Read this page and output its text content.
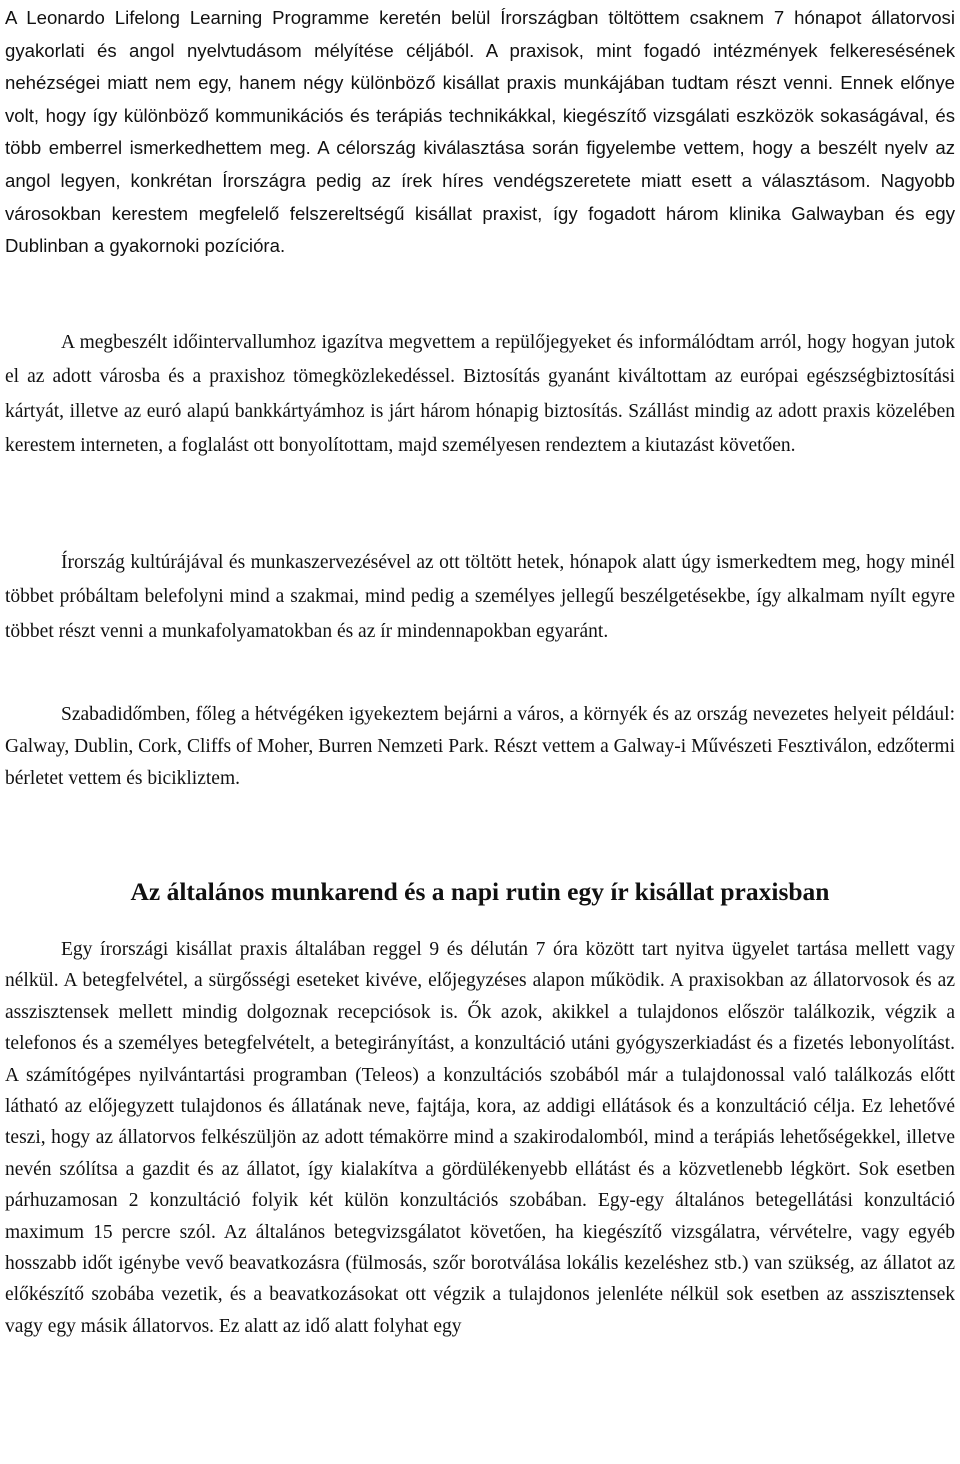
A Leonardo Lifelong Learning Programme keretén belül Írországban töltöttem csaknem 7 hónapot állatorvosi gyakorlati és angol nyelvtudásom mélyítése céljából. A praxisok, mint fogadó intézmények felkeresésének nehézségei miatt nem egy, hanem négy különböző kisállat praxis munkájában tudtam részt venni. Ennek előnye volt, hogy így különböző kommunikációs és terápiás technikákkal, kiegészítő vizsgálati eszközök sokaságával, és több emberrel ismerkedhettem meg. A célország kiválasztása során figyelembe vettem, hogy a beszélt nyelv az angol legyen, konkrétan Írországra pedig az írek híres vendégszeretete miatt esett a választásom. Nagyobb városokban kerestem megfelelő felszereltségű kisállat praxist, így fogadott három klinika Galwayban és egy Dublinban a gyakornoki pozícióra.

A megbeszélt időintervallumhoz igazítva megvettem a repülőjegyeket és informálódtam arról, hogy hogyan jutok el az adott városba és a praxishoz tömegközlekedéssel. Biztosítás gyanánt kiváltottam az európai egészségbiztosítási kártyát, illetve az euró alapú bankkártyámhoz is járt három hónapig biztosítás. Szállást mindig az adott praxis közelében kerestem interneten, a foglalást ott bonyolítottam, majd személyesen rendeztem a kiutazást követően.

Írország kultúrájával és munkaszervezésével az ott töltött hetek, hónapok alatt úgy ismerkedtem meg, hogy minél többet próbáltam belefolyni mind a szakmai, mind pedig a személyes jellegű beszélgetésekbe, így alkalmam nyílt egyre többet részt venni a munkafolyamatokban és az ír mindennapokban egyaránt.

Szabadidőmben, főleg a hétvégéken igyekeztem bejárni a város, a környék és az ország nevezetes helyeit például: Galway, Dublin, Cork, Cliffs of Moher, Burren Nemzeti Park. Részt vettem a Galway-i Művészeti Fesztiválon, edzőtermi bérletet vettem és bicikliztem.

Az általános munkarend és a napi rutin egy ír kisállat praxisban

Egy írországi kisállat praxis általában reggel 9 és délután 7 óra között tart nyitva ügyelet tartása mellett vagy nélkül. A betegfelvétel, a sürgősségi eseteket kivéve, előjegyzéses alapon működik. A praxisokban az állatorvosok és az asszisztensek mellett mindig dolgoznak recepciósok is. Ők azok, akikkel a tulajdonos először találkozik, végzik a telefonos és a személyes betegfelvételt, a betegirányítást, a konzultáció utáni gyógyszerkiadást és a fizetés lebonyolítást. A számítógépes nyilvántartási programban (Teleos) a konzultációs szobából már a tulajdonossal való találkozás előtt látható az előjegyzett tulajdonos és állatának neve, fajtája, kora, az addigi ellátások és a konzultáció célja. Ez lehetővé teszi, hogy az állatorvos felkészüljön az adott témakörre mind a szakirodalomból, mind a terápiás lehetőségekkel, illetve nevén szólítsa a gazdit és az állatot, így kialakítva a gördülékenyebb ellátást és a közvetlenebb légkört. Sok esetben párhuzamosan 2 konzultáció folyik két külön konzultációs szobában. Egy-egy általános betegellátási konzultáció maximum 15 percre szól. Az általános betegvizsgálatot követően, ha kiegészítő vizsgálatra, vérvételre, vagy egyéb hosszabb időt igénybe vevő beavatkozásra (fülmosás, szőr borotválása lokális kezeléshez stb.) van szükség, az állatot az előkészítő szobába vezetik, és a beavatkozásokat ott végzik a tulajdonos jelenléte nélkül sok esetben az asszisztensek vagy egy másik állatorvos. Ez alatt az idő alatt folyhat egy
